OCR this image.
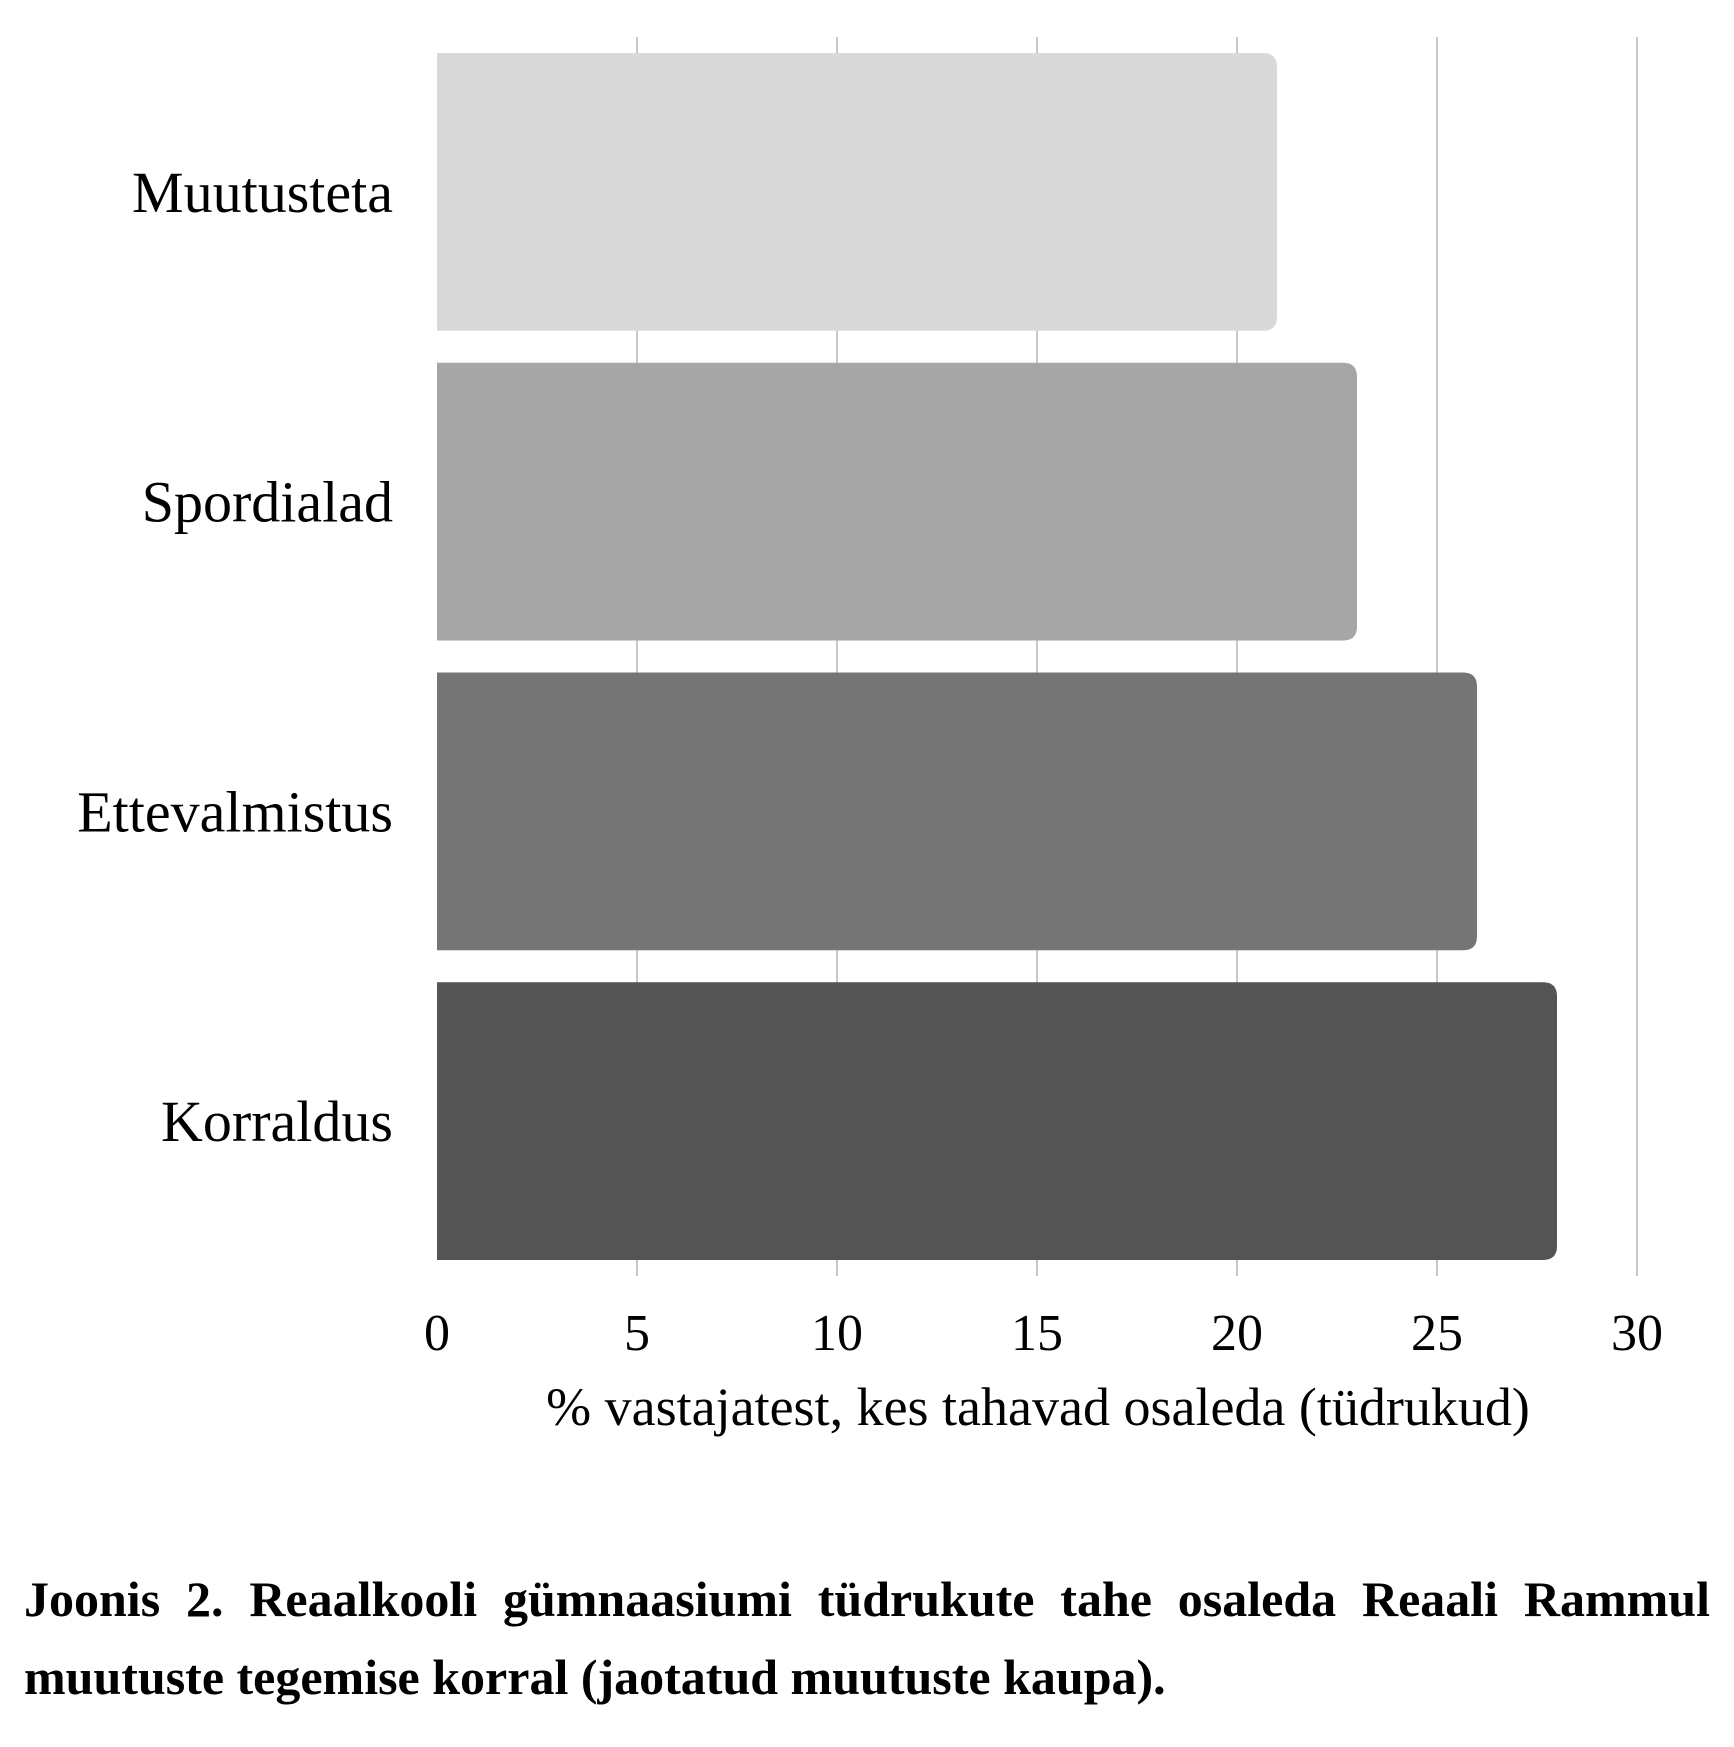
Muutusteta
Spordialad
Ettevalmistus
Korraldus
0	5	10	15	20	25	30
% vastajatest, kes tahavad osaleda (tüdrukud)

Joonis 2. Reaalkooli gümnaasiumi tüdrukute tahe osaleda Reaali Rammul muutuste tegemise korral (jaotatud muutuste kaupa).
